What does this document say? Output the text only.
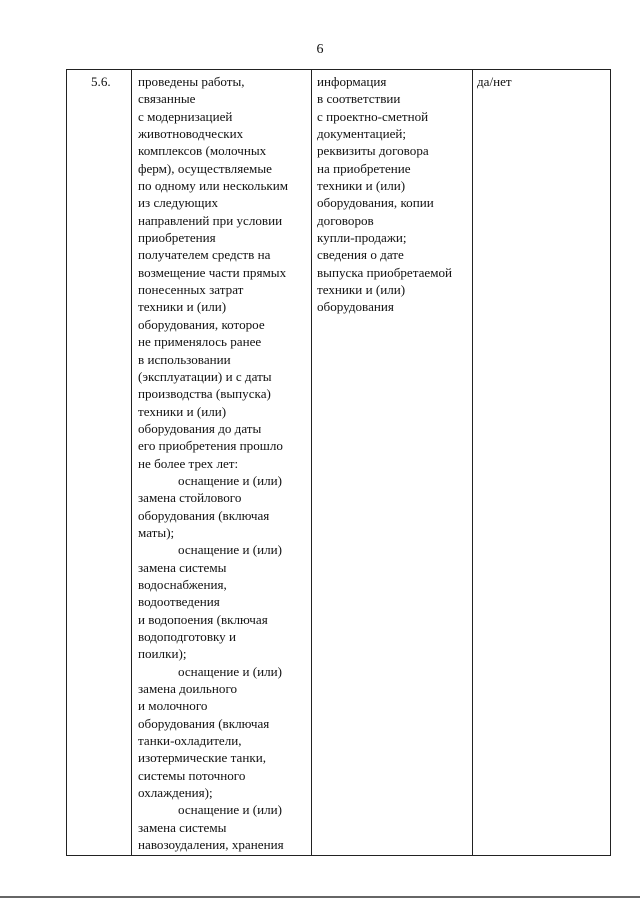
6
5.6. проведены работы,
связанные
с модернизацией
животноводческих
комплексов (молочных
ферм), осуществляемые
по одному или нескольким
из следующих
направлений при условии
приобретения
получателем средств на
возмещение части прямых
понесенных затрат
техники и (или)
оборудования, которое
не применялось ранее
в использовании
(эксплуатации) и с даты
производства (выпуска)
техники и (или)
оборудования до даты
его приобретения прошло
не более трех лет:
оснащение и (или)
замена стойлового
оборудования (включая
маты);
оснащение и (или)
замена системы
водоснабжения,
водоотведения
и водопоения (включая
водоподготовку и
поилки);
оснащение и (или)
замена доильного
и молочного
оборудования (включая
танки-охладители,
изотермические танки,
системы поточного
охлаждения);
оснащение и (или)
замена системы
навозоудаления, хранения
информация
в соответствии
с проектно-сметной
документацией;
реквизиты договора
на приобретение
техники и (или)
оборудования, копии
договоров
купли-продажи;
сведения о дате
выпуска приобретаемой
техники и (или)
оборудования
да/нет
